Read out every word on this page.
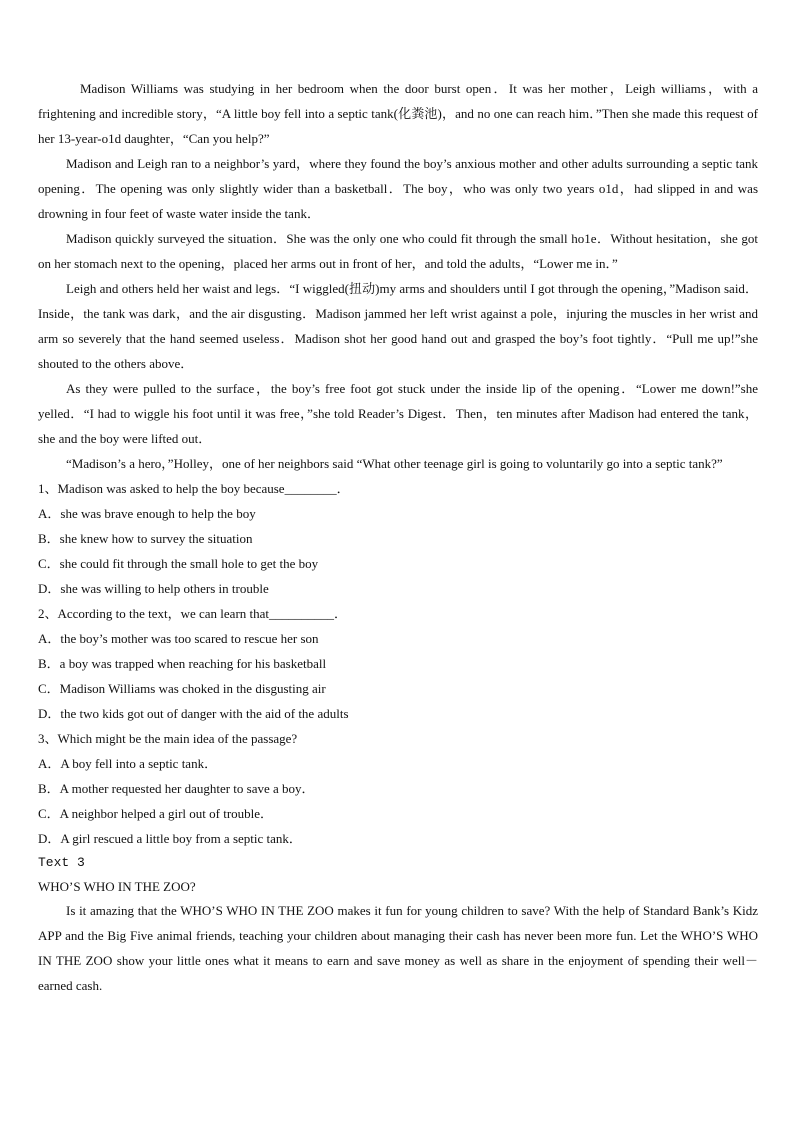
Madison Williams was studying in her bedroom when the door burst open．It was her mother，Leigh williams，with a frightening and incredible story，“A little boy fell into a septic tank(化粪池)，and no one can reach him．”Then she made this request of her 13-year-o1d daughter，“Can you help?”

Madison and Leigh ran to a neighbor’s yard，where they found the boy’s anxious mother and other adults surrounding a septic tank opening．The opening was only slightly wider than a basketball．The boy，who was only two years o1d，had slipped in and was drowning in four feet of waste water inside the tank．

Madison quickly surveyed the situation．She was the only one who could fit through the small ho1e．Without hesitation，she got on her stomach next to the opening，placed her arms out in front of her，and told the adults，“Lower me in．”

Leigh and others held her waist and legs．“I wiggled(扭动)my arms and shoulders until I got through the opening，”Madison said．Inside，the tank was dark，and the air disgusting．Madison jammed her left wrist against a pole，injuring the muscles in her wrist and arm so severely that the hand seemed useless．Madison shot her good hand out and grasped the boy’s foot tightly．“Pull me up!”she shouted to the others above．

As they were pulled to the surface，the boy’s free foot got stuck under the inside lip of the opening．“Lower me down!”she yelled．“I had to wiggle his foot until it was free，”she told Reader’s Digest．Then，ten minutes after Madison had entered the tank，she and the boy were lifted out．

“Madison’s a hero，”Holley，one of her neighbors said “What other teenage girl is going to voluntarily go into a septic tank?”

1、Madison was asked to help the boy because________．

A．she was brave enough to help the boy

B．she knew how to survey the situation

C．she could fit through the small hole to get the boy

D．she was willing to help others in trouble

2、According to the text，we can learn that__________．

A．the boy’s mother was too scared to rescue her son

B．a boy was trapped when reaching for his basketball

C．Madison Williams was choked in the disgusting air

D．the two kids got out of danger with the aid of the adults

3、Which might be the main idea of the passage?

A．A boy fell into a septic tank．

B．A mother requested her daughter to save a boy．

C．A neighbor helped a girl out of trouble．

D．A girl rescued a little boy from a septic tank．

Text 3

WHO’S WHO IN THE ZOO?

Is it amazing that the WHO’S WHO IN THE ZOO makes it fun for young children to save? With the help of Standard Bank’s Kidz APP and the Big Five animal friends, teaching your children about managing their cash has never been more fun. Let the WHO’S WHO IN THE ZOO show your little ones what it means to earn and save money as well as share in the enjoyment of spending their well－earned cash.
